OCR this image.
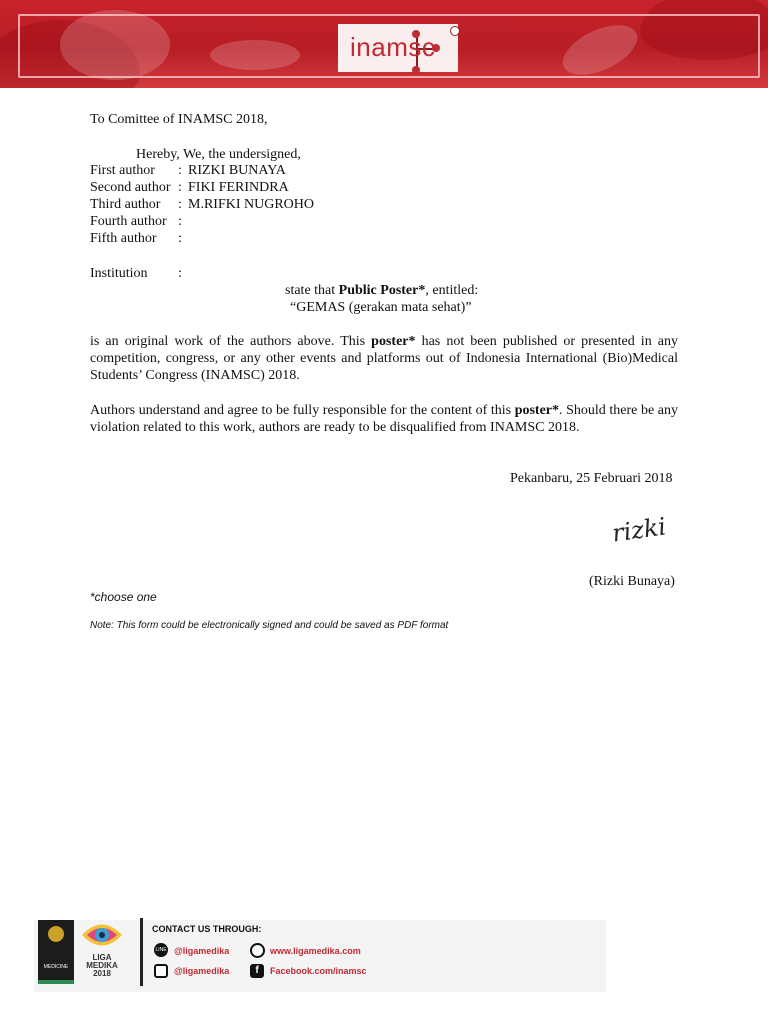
inamsc
To Comittee of INAMSC 2018,
Hereby, We, the undersigned,
First author : RIZKI BUNAYA
Second author : FIKI FERINDRA
Third author : M.RIFKI NUGROHO
Fourth author :
Fifth author :
Institution :
state that Public Poster*, entitled:
“GEMAS (gerakan mata sehat)”
is an original work of the authors above. This poster* has not been published or presented in any competition, congress, or any other events and platforms out of Indonesia International (Bio)Medical Students’ Congress (INAMSC) 2018.
Authors understand and agree to be fully responsible for the content of this poster*. Should there be any violation related to this work, authors are ready to be disqualified from INAMSC 2018.
Pekanbaru, 25 Februari 2018
rizki
(Rizki Bunaya)
*choose one
Note: This form could be electronically signed and could be saved as PDF format
MEDICINE
LIGA MEDIKA 2018
CONTACT US THROUGH:
LINE @ligamedika
@ligamedika
www.ligamedika.com
f	Facebook.com/inamsc
